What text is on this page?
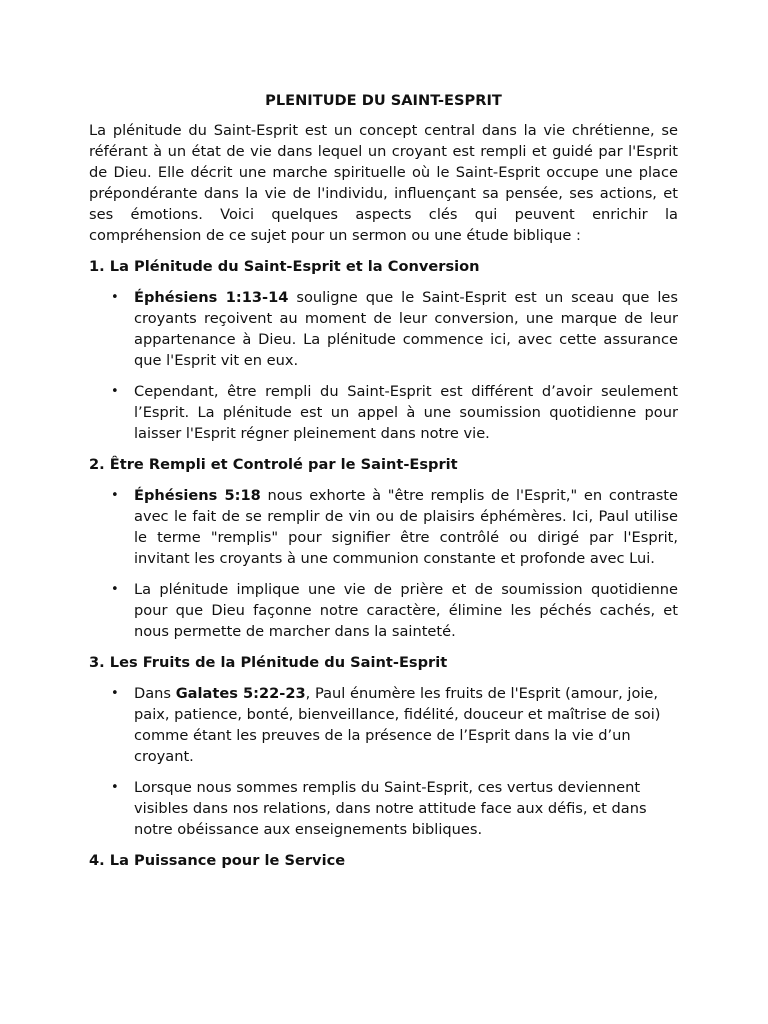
PLENITUDE DU SAINT-ESPRIT

La plénitude du Saint-Esprit est un concept central dans la vie chrétienne, se référant à un état de vie dans lequel un croyant est rempli et guidé par l'Esprit de Dieu. Elle décrit une marche spirituelle où le Saint-Esprit occupe une place prépondérante dans la vie de l'individu, influençant sa pensée, ses actions, et ses émotions. Voici quelques aspects clés qui peuvent enrichir la compréhension de ce sujet pour un sermon ou une étude biblique :

1. La Plénitude du Saint-Esprit et la Conversion
• Éphésiens 1:13-14 souligne que le Saint-Esprit est un sceau que les croyants reçoivent au moment de leur conversion, une marque de leur appartenance à Dieu. La plénitude commence ici, avec cette assurance que l'Esprit vit en eux.
• Cependant, être rempli du Saint-Esprit est différent d’avoir seulement l’Esprit. La plénitude est un appel à une soumission quotidienne pour laisser l'Esprit régner pleinement dans notre vie.
2. Être Rempli et Controlé par le Saint-Esprit
• Éphésiens 5:18 nous exhorte à "être remplis de l'Esprit," en contraste avec le fait de se remplir de vin ou de plaisirs éphémères. Ici, Paul utilise le terme "remplis" pour signifier être contrôlé ou dirigé par l'Esprit, invitant les croyants à une communion constante et profonde avec Lui.
• La plénitude implique une vie de prière et de soumission quotidienne pour que Dieu façonne notre caractère, élimine les péchés cachés, et nous permette de marcher dans la sainteté.
3. Les Fruits de la Plénitude du Saint-Esprit
• Dans Galates 5:22-23, Paul énumère les fruits de l'Esprit (amour, joie, paix, patience, bonté, bienveillance, fidélité, douceur et maîtrise de soi) comme étant les preuves de la présence de l’Esprit dans la vie d’un croyant.
• Lorsque nous sommes remplis du Saint-Esprit, ces vertus deviennent visibles dans nos relations, dans notre attitude face aux défis, et dans notre obéissance aux enseignements bibliques.
4. La Puissance pour le Service
